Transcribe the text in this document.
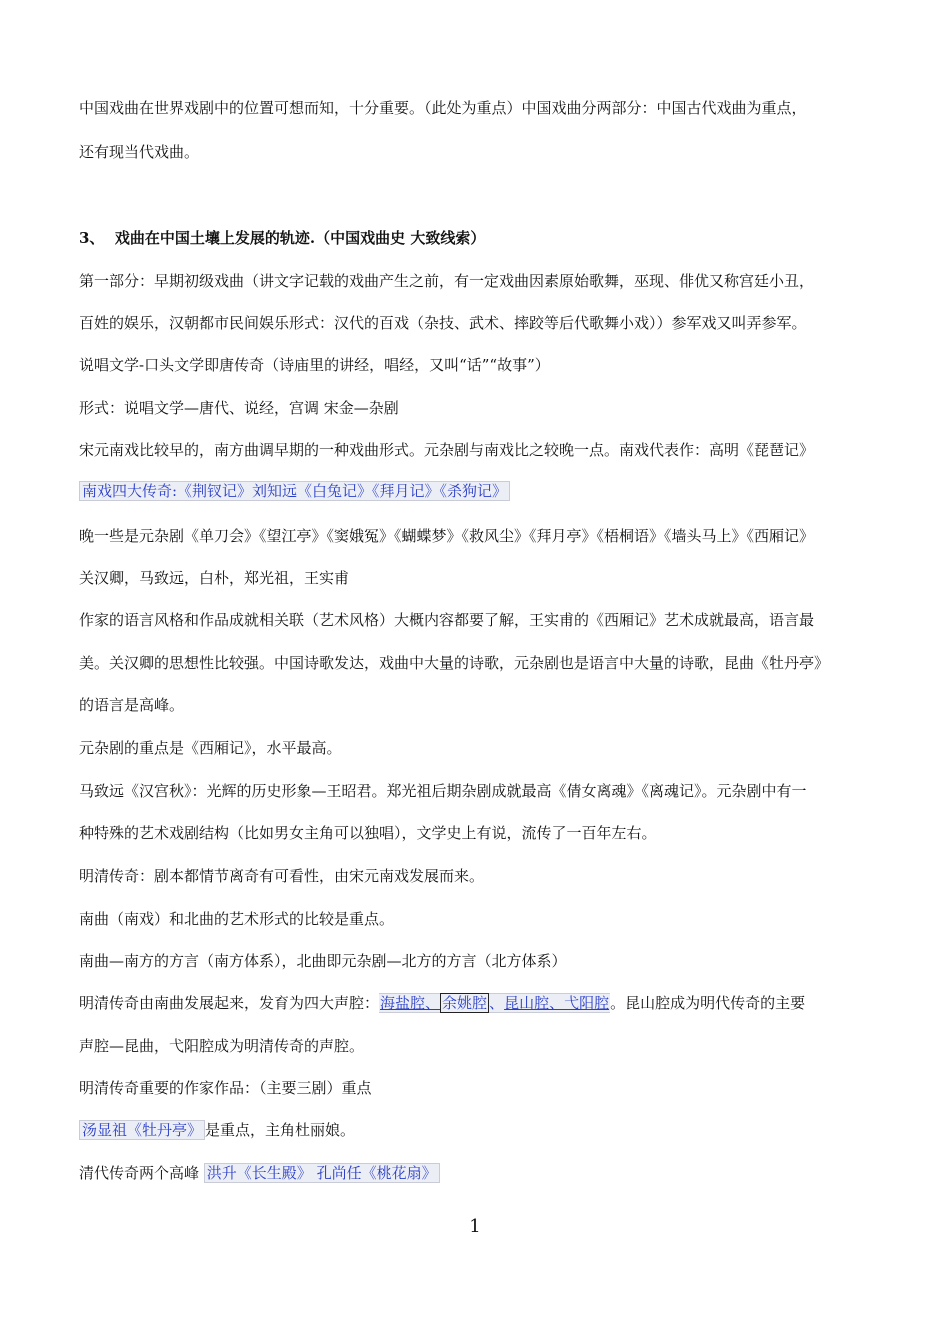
中国戏曲在世界戏剧中的位置可想而知，十分重要。（此处为重点）中国戏曲分两部分：中国古代戏曲为重点，
还有现当代戏曲。
3、 戏曲在中国土壤上发展的轨迹.（中国戏曲史 大致线索）
第一部分：早期初级戏曲（讲文字记载的戏曲产生之前，有一定戏曲因素原始歌舞，巫现、俳优又称宫廷小丑，
百姓的娱乐，汉朝都市民间娱乐形式：汉代的百戏（杂技、武术、摔跤等后代歌舞小戏））参军戏又叫弄参军。
说唱文学-口头文学即唐传奇（诗庙里的讲经，唱经，又叫“话”“故事”）
形式：说唱文学—唐代、说经，宫调 宋金—杂剧
宋元南戏比较早的，南方曲调早期的一种戏曲形式。元杂剧与南戏比之较晚一点。南戏代表作：高明《琵琶记》
南戏四大传奇:《荆钗记》刘知远《白兔记》《拜月记》《杀狗记》
晚一些是元杂剧《单刀会》《望江亭》《窦娥冤》《蝴蝶梦》《救风尘》《拜月亭》《梧桐语》《墙头马上》《西厢记》
关汉卿，马致远，白朴，郑光祖，王实甫
作家的语言风格和作品成就相关联（艺术风格）大概内容都要了解，王实甫的《西厢记》艺术成就最高，语言最
美。关汉卿的思想性比较强。中国诗歌发达，戏曲中大量的诗歌，元杂剧也是语言中大量的诗歌，昆曲《牡丹亭》
的语言是高峰。
元杂剧的重点是《西厢记》，水平最高。
马致远《汉宫秋》：光辉的历史形象—王昭君。郑光祖后期杂剧成就最高《倩女离魂》《离魂记》。元杂剧中有一
种特殊的艺术戏剧结构（比如男女主角可以独唱），文学史上有说，流传了一百年左右。
明清传奇：剧本都情节离奇有可看性，由宋元南戏发展而来。
南曲（南戏）和北曲的艺术形式的比较是重点。
南曲—南方的方言（南方体系），北曲即元杂剧—北方的方言（北方体系）
明清传奇由南曲发展起来，发育为四大声腔：海盐腔、 余姚腔 、昆山腔、弋阳腔。昆山腔成为明代传奇的主要
声腔—昆曲，弋阳腔成为明清传奇的声腔。
明清传奇重要的作家作品：（主要三剧）重点
汤显祖《牡丹亭》 是重点，主角杜丽娘。
清代传奇两个高峰 洪升《长生殿》 孔尚任《桃花扇》
1
